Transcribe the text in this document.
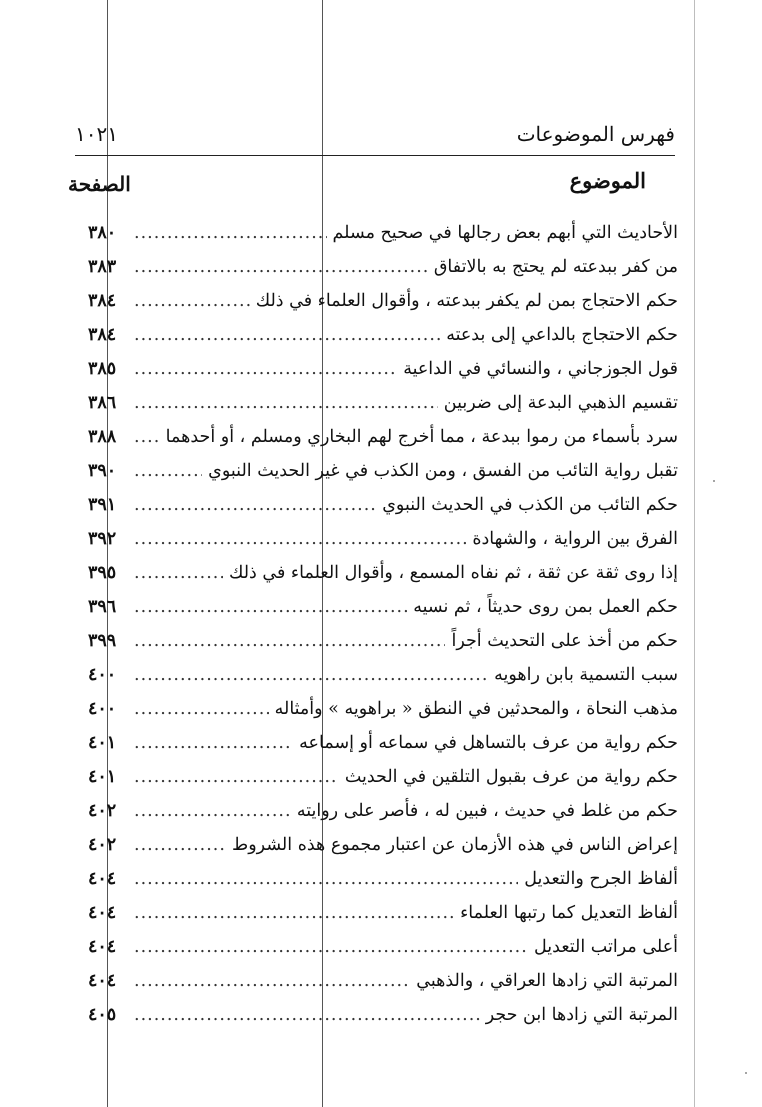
فهرس الموضوعات
١٠٢١
الموضوع
الصفحة
الأحاديث التي أبهم بعض رجالها في صحيح مسلم
.....
٣٨٠
من كفر ببدعته لم يحتج به بالاتفاق
.....
٣٨٣
حكم الاحتجاج بمن لم يكفر ببدعته ، وأقوال العلماء في ذلك
.....
٣٨٤
حكم الاحتجاج بالداعي إلى بدعته
.....
٣٨٤
قول الجوزجاني ، والنسائي في الداعية
.....
٣٨٥
تقسيم الذهبي البدعة إلى ضربين
.....
٣٨٦
سرد بأسماء من رموا ببدعة ، مما أخرج لهم البخاري ومسلم ، أو أحدهما
.....
٣٨٨
تقبل رواية التائب من الفسق ، ومن الكذب في غير الحديث النبوي
.....
٣٩٠
حكم التائب من الكذب في الحديث النبوي
.....
٣٩١
الفرق بين الرواية ، والشهادة
.....
٣٩٢
إذا روى ثقة عن ثقة ، ثم نفاه المسمع ، وأقوال العلماء في ذلك
.....
٣٩٥
حكم العمل بمن روى حديثاً ، ثم نسيه
.....
٣٩٦
حكم من أخذ على التحديث أجراً
.....
٣٩٩
سبب التسمية بابن راهويه
.....
٤٠٠
مذهب النحاة ، والمحدثين في النطق « براهويه » وأمثاله
.....
٤٠٠
حكم رواية من عرف بالتساهل في سماعه أو إسماعه
.....
٤٠١
حكم رواية من عرف بقبول التلقين في الحديث
.....
٤٠١
حكم من غلط في حديث ، فبين له ، فأصر على روايته
.....
٤٠٢
إعراض الناس في هذه الأزمان عن اعتبار مجموع هذه الشروط
.....
٤٠٢
ألفاظ الجرح والتعديل
.....
٤٠٤
ألفاظ التعديل كما رتبها العلماء
.....
٤٠٤
أعلى مراتب التعديل
.....
٤٠٤
المرتبة التي زادها العراقي ، والذهبي
.....
٤٠٤
المرتبة التي زادها ابن حجر
.....
٤٠٥
